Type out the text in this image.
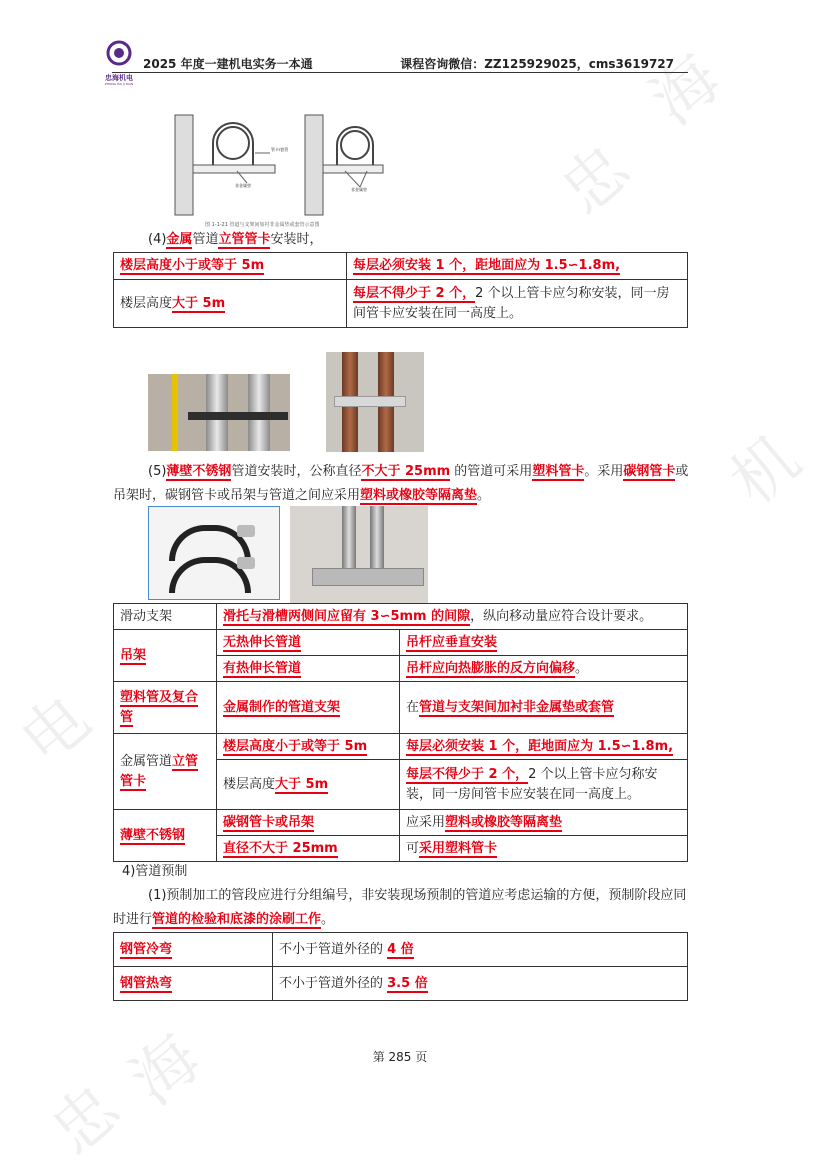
忠
海
机
电
海
忠
忠海机电
ZHONG HAI JI DIAN
2025 年度一建机电实务一本通	课程咨询微信：ZZ125929025，cms3619727
管卡/套管
非金属垫
非金属垫
图 1-1-21 管道与支架间加衬非金属垫或套管示意图
(4)金属管道立管管卡安装时，
楼层高度小于或等于 5m	每层必须安装 1 个，距地面应为 1.5∽1.8m,
楼层高度大于 5m	每层不得少于 2 个，2 个以上管卡应匀称安装，同一房间管卡应安装在同一高度上。
(5)薄壁不锈钢管道安装时，公称直径不大于 25mm 的管道可采用塑料管卡。采用碳钢管卡或吊架时，碳钢管卡或吊架与管道之间应采用塑料或橡胶等隔离垫。
滑动支架	滑托与滑槽两侧间应留有 3∽5mm 的间隙，纵向移动量应符合设计要求。	
吊架	无热伸长管道	吊杆应垂直安装
	有热伸长管道	吊杆应向热膨胀的反方向偏移。
塑料管及复合管	金属制作的管道支架	在管道与支架间加衬非金属垫或套管
金属管道立管管卡	楼层高度小于或等于 5m	每层必须安装 1 个，距地面应为 1.5∽1.8m,
	楼层高度大于 5m	每层不得少于 2 个，2 个以上管卡应匀称安装，同一房间管卡应安装在同一高度上。
薄壁不锈钢	碳钢管卡或吊架	应采用塑料或橡胶等隔离垫
	直径不大于 25mm	可采用塑料管卡
4)管道预制
(1)预制加工的管段应进行分组编号，非安装现场预制的管道应考虑运输的方便，预制阶段应同时进行管道的检验和底漆的涂刷工作。
钢管冷弯	不小于管道外径的 4 倍
钢管热弯	不小于管道外径的 3.5 倍
第 285 页
